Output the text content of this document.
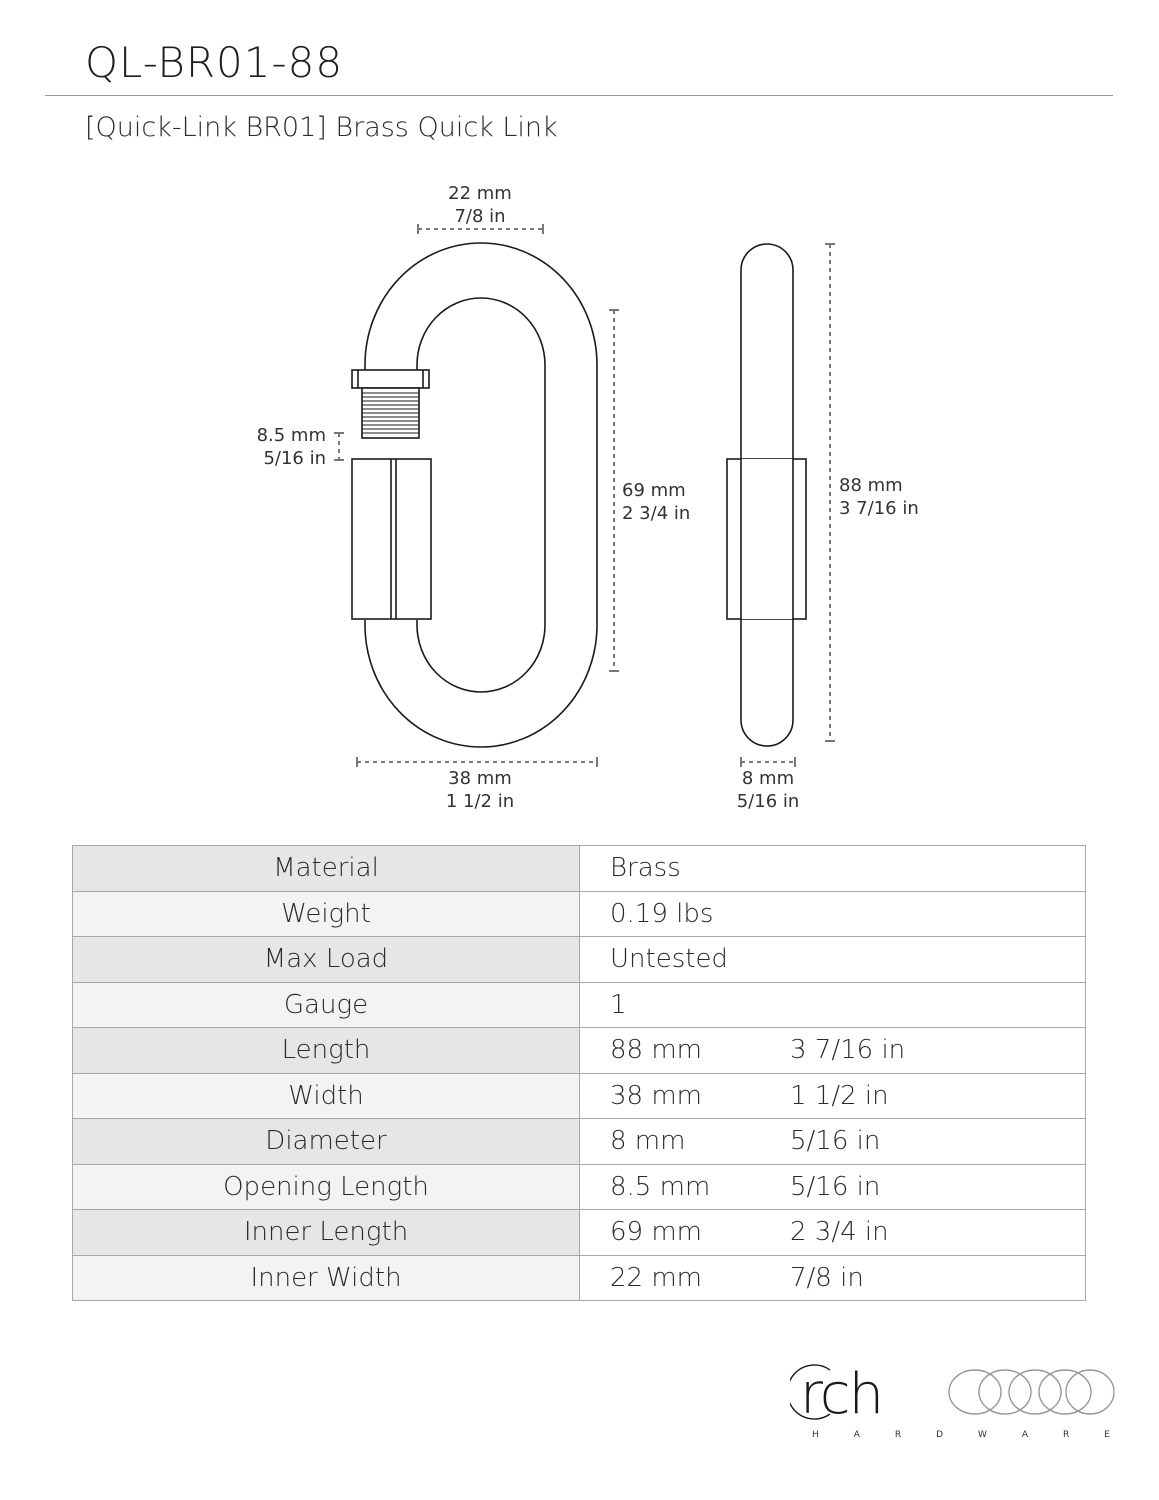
QL-BR01-88
[Quick-Link BR01] Brass Quick Link
22 mm
7/8 in
8.5 mm
5/16 in
69 mm
2 3/4 in
88 mm
3 7/16 in
38 mm
1 1/2 in
8 mm
5/16 in
Material	Brass
Weight	0.19 lbs
Max Load	Untested
Gauge	1
Length	88 mm 3 7/16 in
Width	38 mm 1 1/2 in
Diameter	8 mm 5/16 in
Opening Length	8.5 mm 5/16 in
Inner Length	69 mm 2 3/4 in
Inner Width	22 mm 7/8 in
rch
H	A	R	D	W	A	R	E
